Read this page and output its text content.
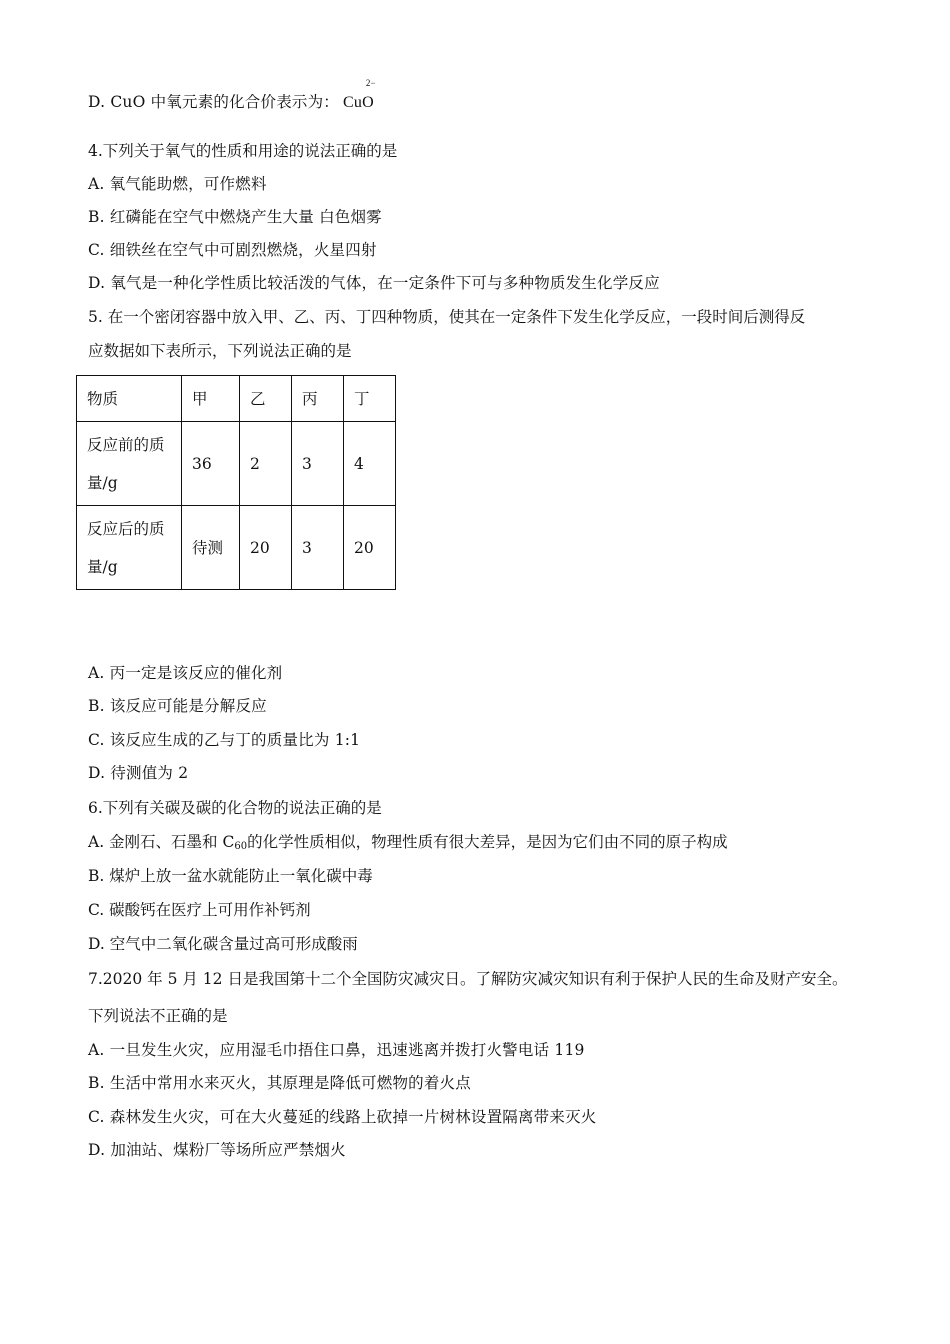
D. CuO 中氧元素的化合价表示为： CuO
2−
4.下列关于氧气的性质和用途的说法正确的是
A. 氧气能助燃，可作燃料
B. 红磷能在空气中燃烧产生大量 白色烟雾
C. 细铁丝在空气中可剧烈燃烧，火星四射
D. 氧气是一种化学性质比较活泼的气体，在一定条件下可与多种物质发生化学反应
5. 在一个密闭容器中放入甲、乙、丙、丁四种物质，使其在一定条件下发生化学反应，一段时间后测得反
应数据如下表所示，下列说法正确的是
物质	甲	乙	丙	丁

反应前的质
量/g	36	2	3	4

反应后的质
量/g	待测	20	3	20
A. 丙一定是该反应的催化剂
B. 该反应可能是分解反应
C. 该反应生成的乙与丁的质量比为 1:1
D. 待测值为 2
6.下列有关碳及碳的化合物的说法正确的是
A. 金刚石、石墨和 $C_{60}$的化学性质相似，物理性质有很大差异，是因为它们由不同的原子构成
B. 煤炉上放一盆水就能防止一氧化碳中毒
C. 碳酸钙在医疗上可用作补钙剂
D. 空气中二氧化碳含量过高可形成酸雨
7.2020 年 5 月 12 日是我国第十二个全国防灾减灾日。了解防灾减灾知识有利于保护人民的生命及财产安全。
下列说法不正确的是
A. 一旦发生火灾，应用湿毛巾捂住口鼻，迅速逃离并拨打火警电话 119
B. 生活中常用水来灭火，其原理是降低可燃物的着火点
C. 森林发生火灾，可在大火蔓延的线路上砍掉一片树林设置隔离带来灭火
D. 加油站、煤粉厂等场所应严禁烟火
